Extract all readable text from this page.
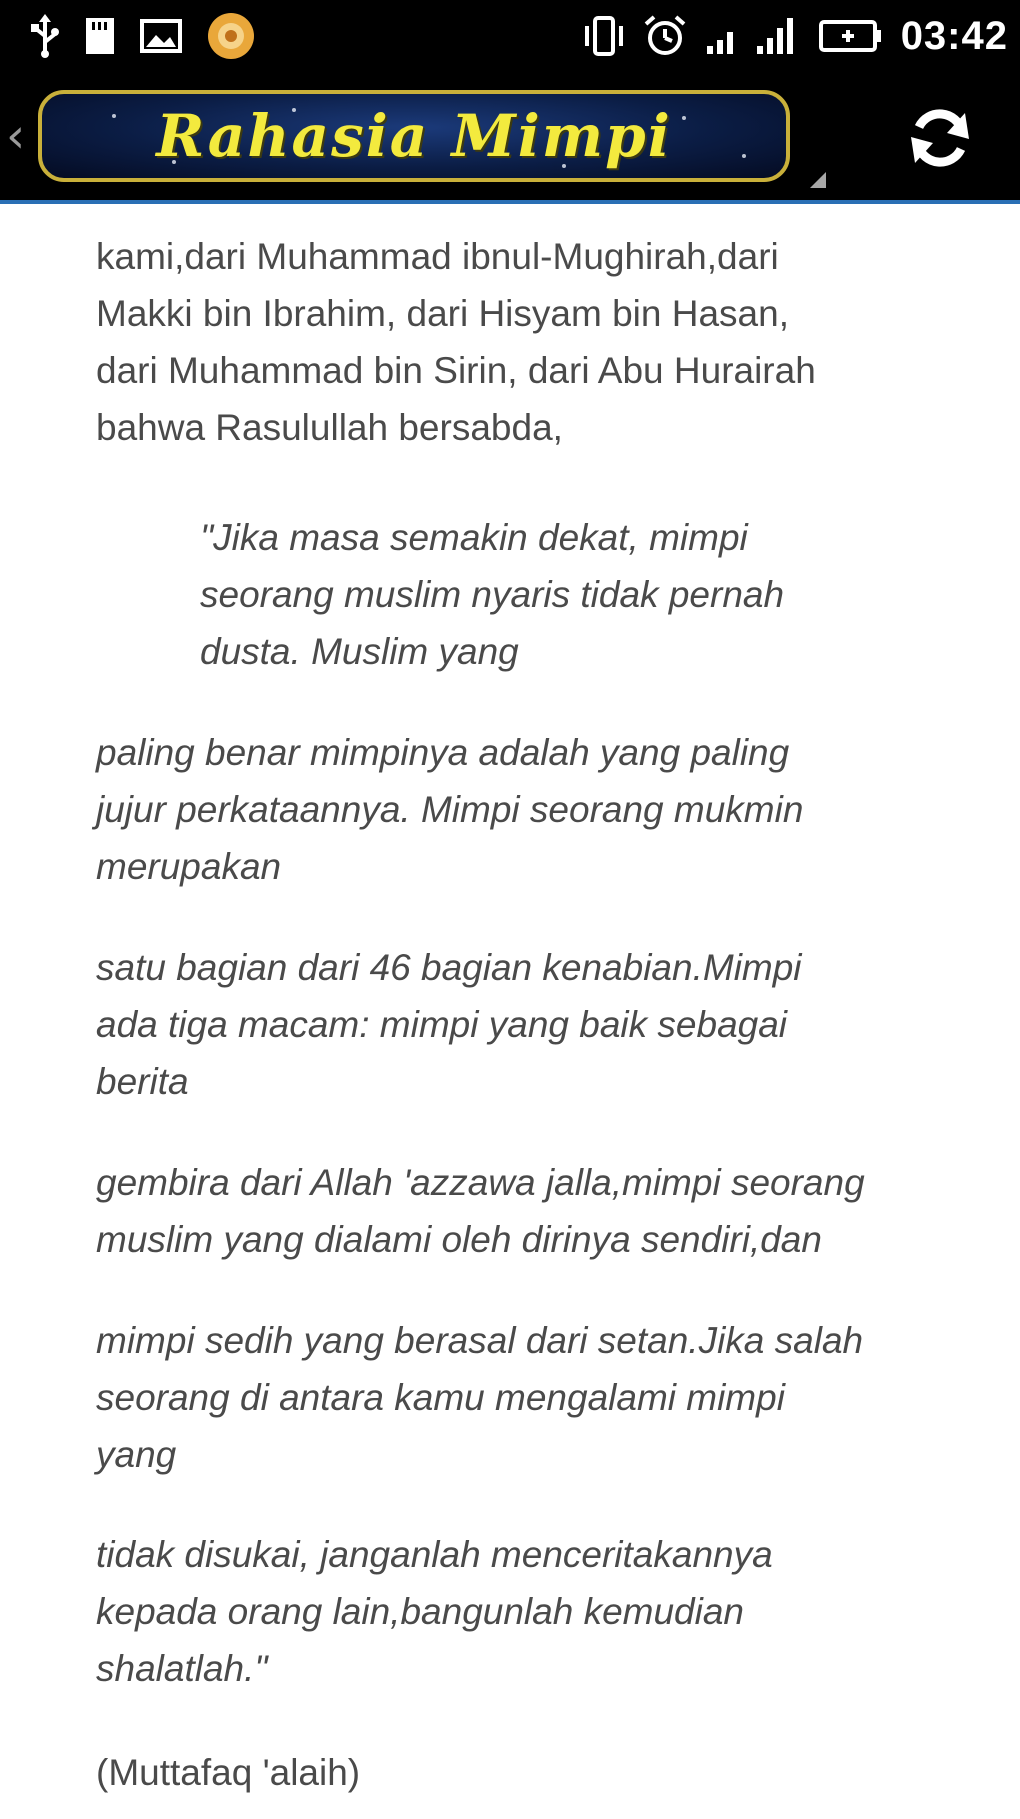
03:42
‹ Rahasia Mimpi

kami,dari Muhammad ibnul-Mughirah,dari
Makki bin Ibrahim, dari Hisyam bin Hasan,
dari Muhammad bin Sirin, dari Abu Hurairah
bahwa Rasulullah bersabda,

"Jika masa semakin dekat, mimpi
seorang muslim nyaris tidak pernah
dusta. Muslim yang

paling benar mimpinya adalah yang paling
jujur perkataannya. Mimpi seorang mukmin
merupakan

satu bagian dari 46 bagian kenabian.Mimpi
ada tiga macam: mimpi yang baik sebagai
berita

gembira dari Allah 'azzawa jalla,mimpi seorang
muslim yang dialami oleh dirinya sendiri,dan

mimpi sedih yang berasal dari setan.Jika salah
seorang di antara kamu mengalami mimpi
yang

tidak disukai, janganlah menceritakannya
kepada orang lain,bangunlah kemudian
shalatlah."

(Muttafaq 'alaih)
